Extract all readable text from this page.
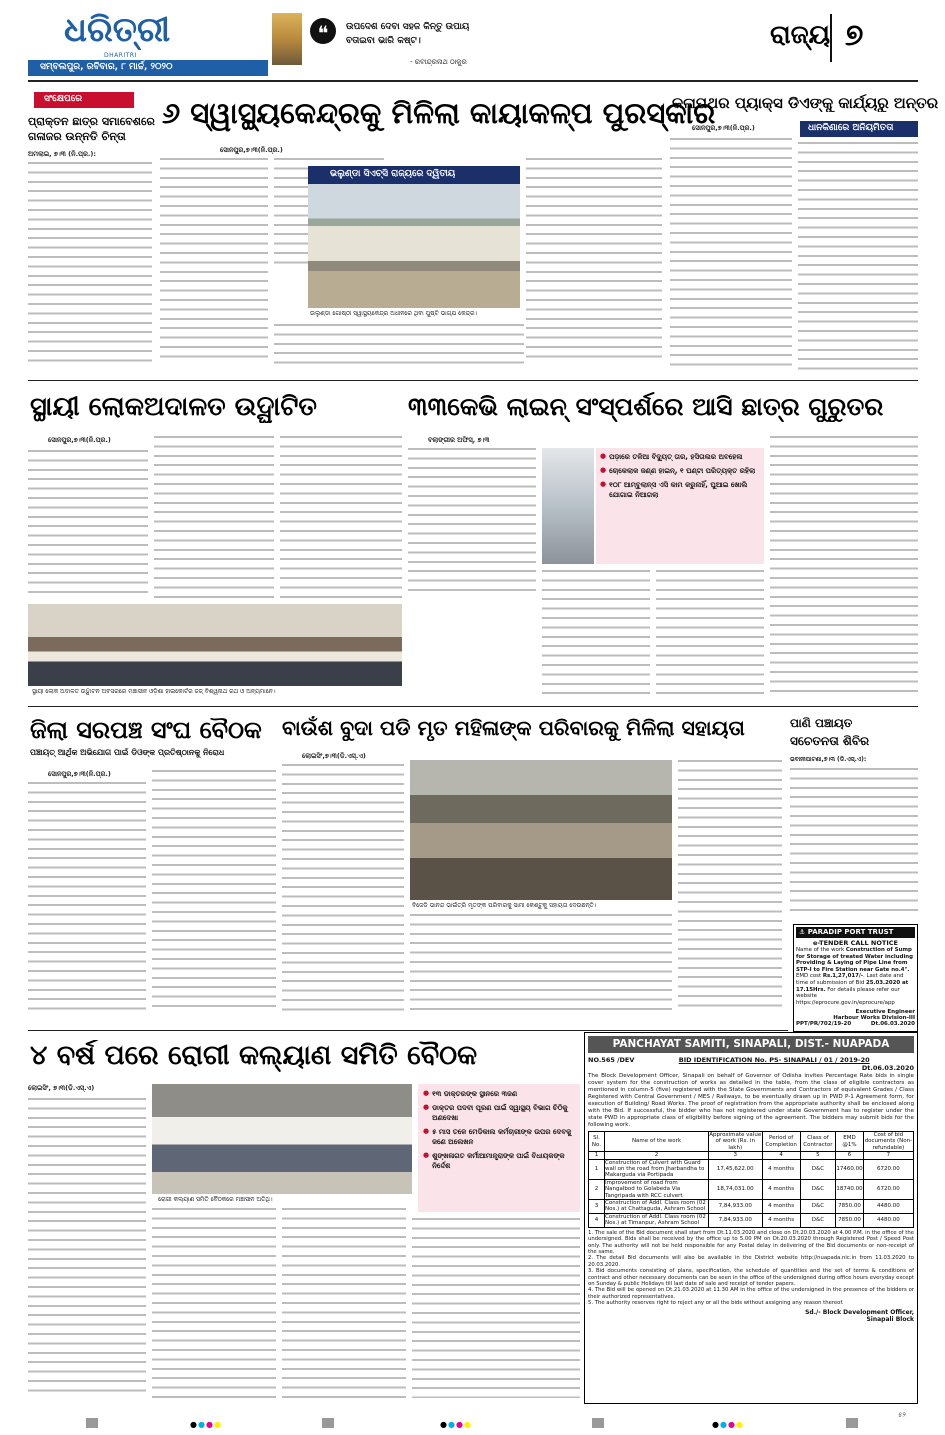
ଧରିତ୍ରୀ
DHARITRI
ସମ୍ବଲପୁର, ରବିବାର, ୮ ମାର୍ଚ୍ଚ, ୨୦୨୦
❝	ଉପଦେଶ ଦେବା ସହଜ କିନ୍ତୁ ଉପାୟ
ବତାଇବା ଭାରି କଷ୍ଟ।
- ରବୀନ୍ଦ୍ରନାଥ ଠାକୁର
ରାଜ୍ୟ ୭
ସଂକ୍ଷେପରେ
ପ୍ରାକ୍ତନ ଛାତ୍ର ସମାବେଶରେ ଗଳାଜର ଉନ୍ନତି ଚିନ୍ତା
ଅମଲାଇ, ୭।୩ (ନି.ପ୍ର.):
୬ ସ୍ୱାସ୍ଥ୍ୟକେନ୍ଦ୍ରକୁ ମିଳିଲା କାୟାକଳ୍ପ ପୁରସ୍କାର
ସୋନପୁର,୭।୩(ନି.ପ୍ର.)
ଭଲୁଣ୍ଡା ସିଏଚ୍ସି ରାଜ୍ୟରେ ଦ୍ୱିତୀୟ
ଉଲୁଣ୍ଡା ଗୋଷ୍ଠୀ ସ୍ୱାସ୍ଥ୍ୟକେନ୍ଦ୍ର ଅଧୀନରେ ଥିବା ପୁଷ୍ଟି ଭାଗ୍ଯ କେନ୍ଦ୍ର।
କଳାପଥର ପ୍ୟାକ୍ସ ଡିଏଙ୍କୁ କାର୍ଯ୍ୟରୁ ଅନ୍ତର
ସୋନପୁର,୭।୩(ନି.ପ୍ର.)	ଧାନକିଣାରେ ଅନିୟମିତତା
ସ୍ଥାୟୀ ଲୋକଅଦାଳତ ଉଦ୍ଘାଟିତ
ସୋନପୁର,୭।୩(ନି.ପ୍ର.)
ସ୍ଥାୟୀ ଲୋକ ଅଦାଳତ ଉଦ୍ଘାଟନ ଅବସରରେ ମଞ୍ଚାସୀନ ଓଡ଼ିଶା ହାଇକୋର୍ଟର ଜଜ୍ ବିଶ୍ୱନାଥ ରଥ ଓ ଅନ୍ୟମାନେ।
୩୩କେଭି ଲାଇନ୍ ସଂସ୍ପର୍ଶରେ ଆସି ଛାତ୍ର ଗୁରୁତର
ବଲାଙ୍ଗୀର ଅଫିସ୍, ୭।୩
● ପଡ଼ାରେ ତଳିଆ ବିଦ୍ୟୁତ୍ ତାର, ହସିତାଲର ଅବହେଳା
● ଚୋକେଲାକ ଜଣ୍ଣ ହାଇନ୍, ୧ ଘଣ୍ଟା ପରିତ୍ୟକ୍ତ ରହିଲା
● ୧୦୮ ଆମ୍ବୁଲାନ୍ସ ଏସି କାମ କରୁନାହିଁ, ଘୁଆଇ ଖୋଲି ଯୋଗାଇ ନିଆଗଲା
ଜିଲା ସରପଞ୍ଚ ସଂଘ ବୈଠକ
ପଞ୍ଚାୟତ୍ ଆର୍ଥିକ ଅଭିଯୋଗ ପାଇଁ ଡିଓଙ୍କ ପ୍ରତିଷ୍ଠାନକୁ ନିରୋଧ
ସୋନପୁର,୭।୩(ନି.ପ୍ର.)
ବାଉଁଶ ବୁଦା ପଡି ମୃତ ମହିଳାଙ୍କ ପରିବାରକୁ ମିଳିଲା ସହାୟତା
ଲୋଇସିଂ,୭।୩(ଡି.ଏସ୍.ଏ)
ବିଜେଡି ଭାନନ୍ଦ ଭାଇଁତ୍ରି ମୃତଙ୍କ ପରିବାରକୁ ସାମୀ କେଣ୍ଟୁକୁ ସହାୟତା ଦେଉଛନ୍ତି।
ପାଣି ପଞ୍ଚାୟତ
ସଚେତନତା ଶିବିର
ଭବାନୀପାଟଣା,୭।୩ (ଡି.ଏସ୍.ଏ):
⚓ PARADIP PORT TRUST
e-TENDER CALL NOTICE
Name of the work Construction of Sump for Storage of treated Water including Providing & Laying of Pipe Line from STP-I to Fire Station near Gate no.4". EMD cost Rs.1,27,017/-. Last date and time of submission of Bid 25.03.2020 at 17.15Hrs. For details please refer our website https://eprocure.gov.in/eprocure/app
Executive Engineer
Harbour Works Division-III
PPT/PR/702/19-20	Dt.06.03.2020
୪ ବର୍ଷ ପରେ ରୋଗୀ କଲ୍ୟାଣ ସମିତି ବୈଠକ
ଲୋଇସିଂ, ୭।୩(ଡି.ଏସ୍.ଏ)
ରୋଗୀ କଲ୍ୟାଣ ସମିତି ବୈଠକରେ ମଞ୍ଚାସୀନ ଅତିଥି।
● ୧୩ ଡାକ୍ତରଙ୍କ ସ୍ଥାନରେ ୩ଜଣ
● ଡାକ୍ତର ପଦବୀ ପୂରଣ ପାଇଁ ସ୍ୱାସ୍ଥ୍ୟ ବିଭାଗ ଚିଠିକୁ ଅଣଦେଖା
● ୫ ମାସ ତଳେ ମେଡିକାଲ କର୍ମଚାରୀଙ୍କ ଉପର ଦେବକୁ ଜଣେ ଅଲେଖନ
● ଶୁଙ୍ଖଳାଗତ କର୍ମୀଆମାନ୍ତ୍ରାଙ୍କ ପାଇଁ ବିଧାୟକଙ୍କ ନିର୍ଦ୍ଦେଶ
PANCHAYAT SAMITI, SINAPALI, DIST.- NUAPADA
NO.565 /DEV	BID IDENTIFICATION No. PS- SINAPALI / 01 / 2019-20
Dt.06.03.2020
The Block Development Officer, Sinapali on behalf of Governor of Odisha invites Percentage Rate bids in single cover system for the construction of works as detailed in the table, from the class of eligible contractors as mentioned in column-5 (five) registered with the State Governments and Contractors of equivalent Grades / Class Registered with Central Government / MES / Railways, to be eventually drawn up in PWD P-1 Agreement form, for execution of Building/ Road Works. The proof of registration from the appropriate authority shall be enclosed along with the Bid. If successful, the bidder who has not registered under state Government has to register under the state PWD in appropriate class of eligibility before signing of the agreement. The bidders may submit bids for the following work.
Sl. No.	Name of the work	Approximate value of work (Rs. in lakh)	Period of Completion	Class of Contractor	EMD @1%	Cost of bid documents (Non-refundable)
1	2	3	4	5	6	7
1	Construction of Culvert with Guard wall on the road from Jharbandha to Makarguda via Portipada	17,45,622.00	4 months	D&C	17460.00	6720.00
2	Improvement of road from Nangalbod to Golabeda Via Tangripada with RCC culvert	18,74,031.00	4 months	D&C	18740.00	6720.00
3	Construction of Addl. Class room (02 Nos.) at Chattaguda, Ashram School	7,84,933.00	4 months	D&C	7850.00	4480.00
4	Construction of Addl. Class room (02 Nos.) at Timanpur, Ashram School	7,84,933.00	4 months	D&C	7850.00	4480.00
1. The sale of the Bid document shall start from Dt.11.03.2020 and close on Dt.20.03.2020 at 4.00 P.M. in the office of the undersigned. Bids shall be received by the office up to 5.00 PM on Dt.20.03.2020 through Registered Post / Speed Post only. The authority will not be held responsible for any Postal delay in delivering of the Bid documents or non-receipt of the same.
2. The detail Bid documents will also be available in the District website http://nuapada.nic.in from 11.03.2020 to 20.03.2020.
3. Bid documents consisting of plans, specification, the schedule of quantities and the set of terms & conditions of contract and other necessary documents can be seen in the office of the undersigned during office hours everyday except on Sunday & public Holidays till last date of sale and receipt of tender papers.
4. The Bid will be opened on Dt.21.03.2020 at 11.30 AM in the office of the undersigned in the presence of the bidders or their authorized representatives.
5. The authority reserves right to reject any or all the bids without assigning any reason thereof.
Sd./- Block Development Officer,
Sinapali Block
●●●●	●●●●	●●●●
୫୨
